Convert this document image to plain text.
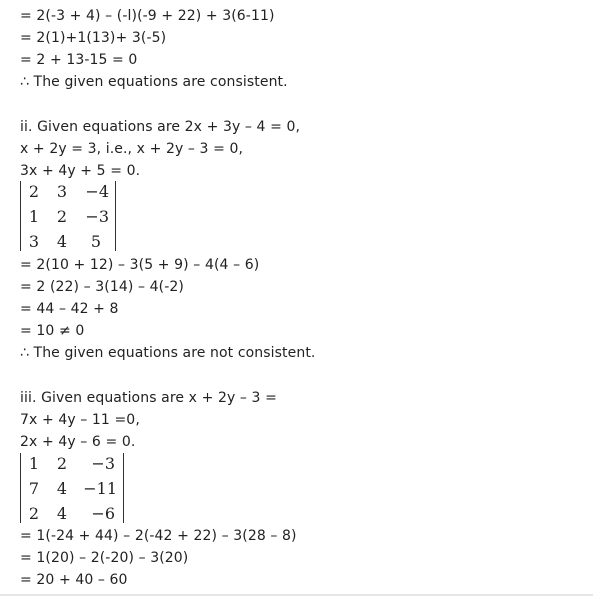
= 2(-3 + 4) – (-l)(-9 + 22) + 3(6-11)
= 2(1)+1(13)+ 3(-5)
= 2 + 13-15 = 0
∴ The given equations are consistent.
ii. Given equations are 2x + 3y – 4 = 0,
x + 2y = 3, i.e., x + 2y – 3 = 0,
3x + 4y + 5 = 0.
2	3	−4
1	2	−3
3	4	5
= 2(10 + 12) – 3(5 + 9) – 4(4 – 6)
= 2 (22) – 3(14) – 4(-2)
= 44 – 42 + 8
= 10 ≠ 0
∴ The given equations are not consistent.
iii. Given equations are x + 2y – 3 =
7x + 4y – 11 =0,
2x + 4y – 6 = 0.
1	2	−3
7	4	−11
2	4	−6
= 1(-24 + 44) – 2(-42 + 22) – 3(28 – 8)
= 1(20) – 2(-20) – 3(20)
= 20 + 40 – 60
